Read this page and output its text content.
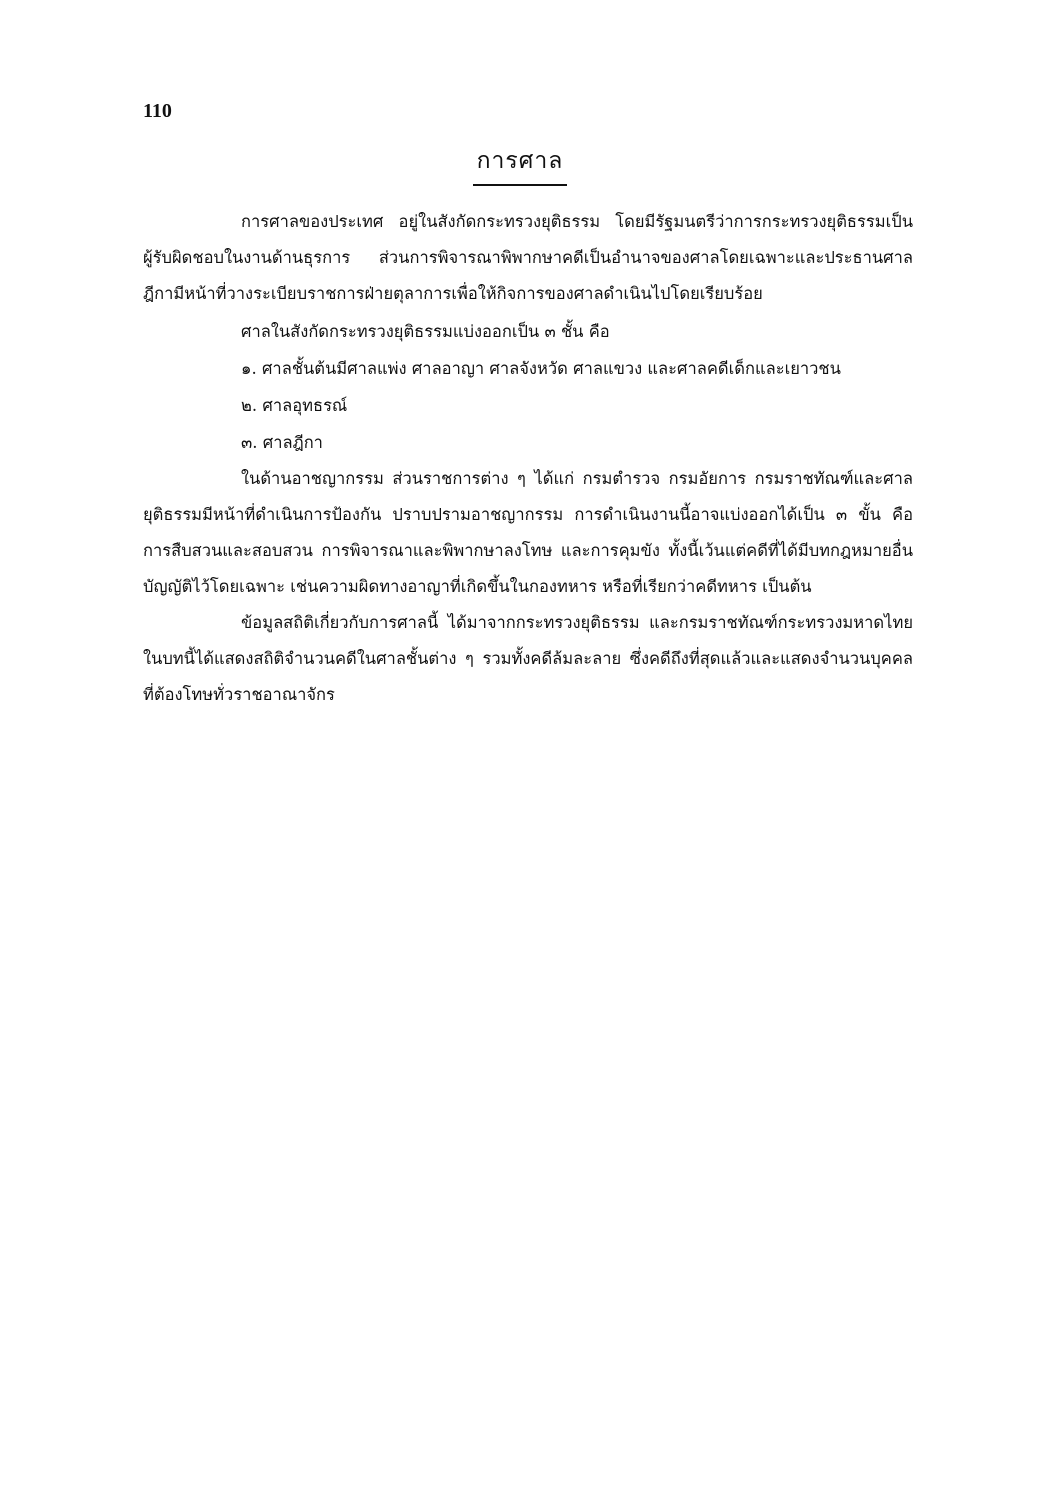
110
การศาล

การศาลของประเทศ อยู่ในสังกัดกระทรวงยุติธรรม โดยมีรัฐมนตรีว่าการกระทรวงยุติธรรมเป็นผู้รับผิดชอบในงานด้านธุรการ ส่วนการพิจารณาพิพากษาคดีเป็นอำนาจของศาลโดยเฉพาะและประธานศาลฎีกามีหน้าที่วางระเบียบราชการฝ่ายตุลาการเพื่อให้กิจการของศาลดำเนินไปโดยเรียบร้อย

ศาลในสังกัดกระทรวงยุติธรรมแบ่งออกเป็น ๓ ชั้น คือ

๑. ศาลชั้นต้นมีศาลแพ่ง ศาลอาญา ศาลจังหวัด ศาลแขวง และศาลคดีเด็กและเยาวชน

๒. ศาลอุทธรณ์

๓. ศาลฎีกา

ในด้านอาชญากรรม ส่วนราชการต่าง ๆ ได้แก่ กรมตำรวจ กรมอัยการ กรมราชทัณฑ์และศาลยุติธรรมมีหน้าที่ดำเนินการป้องกัน ปราบปรามอาชญากรรม การดำเนินงานนี้อาจแบ่งออกได้เป็น ๓ ขั้น คือ การสืบสวนและสอบสวน การพิจารณาและพิพากษาลงโทษ และการคุมขัง ทั้งนี้เว้นแต่คดีที่ได้มีบทกฎหมายอื่นบัญญัติไว้โดยเฉพาะ เช่นความผิดทางอาญาที่เกิดขึ้นในกองทหาร หรือที่เรียกว่าคดีทหาร เป็นต้น

ข้อมูลสถิติเกี่ยวกับการศาลนี้ ได้มาจากกระทรวงยุติธรรม และกรมราชทัณฑ์กระทรวงมหาดไทย ในบทนี้ได้แสดงสถิติจำนวนคดีในศาลชั้นต่าง ๆ รวมทั้งคดีล้มละลาย ซึ่งคดีถึงที่สุดแล้วและแสดงจำนวนบุคคลที่ต้องโทษทั่วราชอาณาจักร
